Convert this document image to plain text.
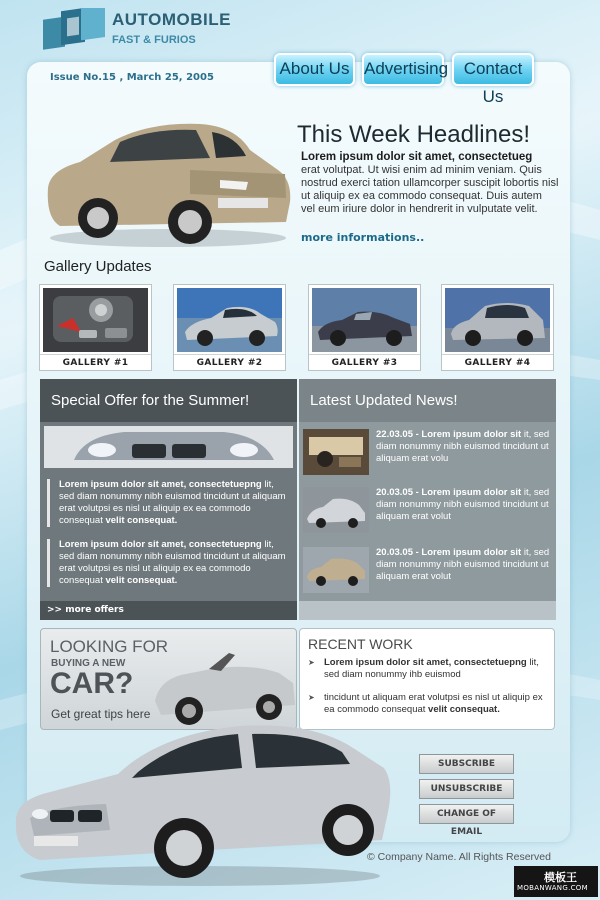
AUTOMOBILE
FAST & FURIOS
Issue No.15 , March 25, 2005	About Us Advertising Contact Us
This Week Headlines!
Lorem ipsum dolor sit amet, consectetueg
erat volutpat. Ut wisi enim ad minim veniam. Quis nostrud exerci tation ullamcorper suscipit lobortis nisl ut aliquip ex ea commodo consequat. Duis autem vel eum iriure dolor in hendrerit in vulputate velit.
more informations..
Gallery Updates
GALLERY #1	GALLERY #2	GALLERY #3	GALLERY #4
Special Offer for the Summer!
Lorem ipsum dolor sit amet, consectetuepng lit, sed diam nonummy nibh euismod tincidunt ut aliquam erat volutpsi es nisl ut aliquip ex ea commodo consequat velit consequat.
Lorem ipsum dolor sit amet, consectetuepng lit, sed diam nonummy nibh euismod tincidunt ut aliquam erat volutpsi es nisl ut aliquip ex ea commodo consequat velit consequat.
>> more offers
Latest Updated News!
22.03.05 - Lorem ipsum dolor sit it, sed diam nonummy nibh euismod tincidunt ut aliquam erat volu
20.03.05 - Lorem ipsum dolor sit it, sed diam nonummy nibh euismod tincidunt ut aliquam erat volut
20.03.05 - Lorem ipsum dolor sit it, sed diam nonummy nibh euismod tincidunt ut aliquam erat volut
LOOKING FOR
BUYING A NEW
CAR?
Get great tips here
RECENT WORK
➤ Lorem ipsum dolor sit amet, consectetuepng lit, sed diam nonummy ihb euismod
➤ tincidunt ut aliquam erat volutpsi es nisl ut aliquip ex ea commodo consequat velit consequat.
SUBSCRIBE
UNSUBSCRIBE
CHANGE OF EMAIL
© Company Name. All Rights Reserved
模板王
MOBANWANG.COM
